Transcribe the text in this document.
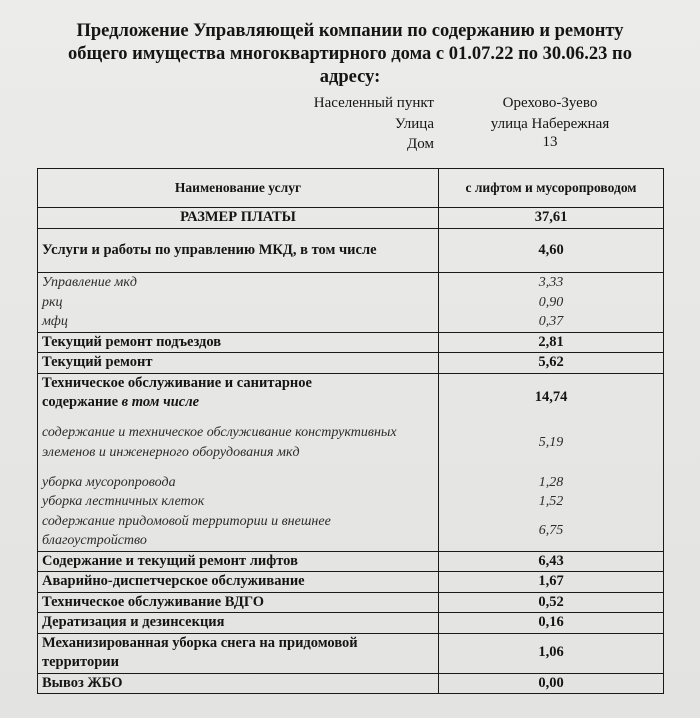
Предложение Управляющей компании по содержанию и ремонту
общего имущества многоквартирного дома с 01.07.22 по 30.06.23 по
адресу:
Населенный пункт	Орехово-Зуево
Улица	улица Набережная
Дом	13
Наименование услуг	с лифтом и мусоропроводом
РАЗМЕР ПЛАТЫ	37,61
Услуги и работы по управлению МКД, в том числе	4,60
Управление мкд	3,33
ркц	0,90
мфц	0,37
Текущий ремонт подъездов	2,81
Текущий ремонт	5,62
Техническое обслуживание и санитарное
содержание в том числе	14,74
содержание и техническое обслуживание конструктивных элеменов и инженерного оборудования мкд	5,19
уборка мусоропровода	1,28
уборка лестничных клеток	1,52
содержание придомовой территории и внешнее благоустройство	6,75
Содержание и текущий ремонт лифтов	6,43
Аварийно-диспетчерское обслуживание	1,67
Техническое обслуживание ВДГО	0,52
Дератизация и дезинсекция	0,16
Механизированная уборка снега на придомовой территории	1,06
Вывоз ЖБО	0,00
